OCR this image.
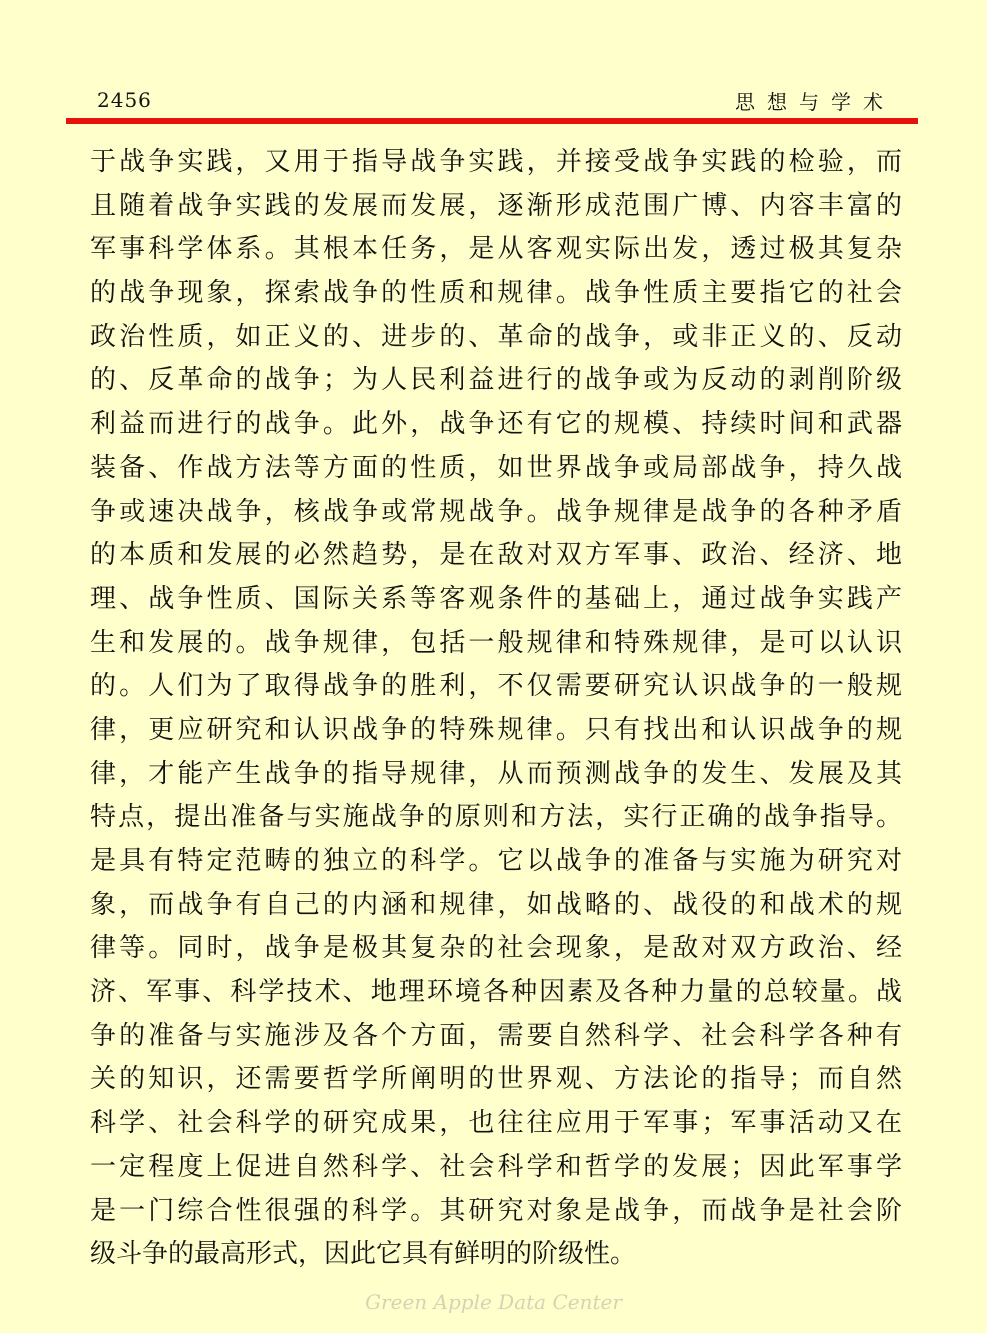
2456	思想与学术
于战争实践，又用于指导战争实践，并接受战争实践的检验，而
且随着战争实践的发展而发展，逐渐形成范围广博、内容丰富的
军事科学体系。其根本任务，是从客观实际出发，透过极其复杂
的战争现象，探索战争的性质和规律。战争性质主要指它的社会
政治性质，如正义的、进步的、革命的战争，或非正义的、反动
的、反革命的战争；为人民利益进行的战争或为反动的剥削阶级
利益而进行的战争。此外，战争还有它的规模、持续时间和武器
装备、作战方法等方面的性质，如世界战争或局部战争，持久战
争或速决战争，核战争或常规战争。战争规律是战争的各种矛盾
的本质和发展的必然趋势，是在敌对双方军事、政治、经济、地
理、战争性质、国际关系等客观条件的基础上，通过战争实践产
生和发展的。战争规律，包括一般规律和特殊规律，是可以认识
的。人们为了取得战争的胜利，不仅需要研究认识战争的一般规
律，更应研究和认识战争的特殊规律。只有找出和认识战争的规
律，才能产生战争的指导规律，从而预测战争的发生、发展及其
特点，提出准备与实施战争的原则和方法，实行正确的战争指导。
是具有特定范畴的独立的科学。它以战争的准备与实施为研究对
象，而战争有自己的内涵和规律，如战略的、战役的和战术的规
律等。同时，战争是极其复杂的社会现象，是敌对双方政治、经
济、军事、科学技术、地理环境各种因素及各种力量的总较量。战
争的准备与实施涉及各个方面，需要自然科学、社会科学各种有
关的知识，还需要哲学所阐明的世界观、方法论的指导；而自然
科学、社会科学的研究成果，也往往应用于军事；军事活动又在
一定程度上促进自然科学、社会科学和哲学的发展；因此军事学
是一门综合性很强的科学。其研究对象是战争，而战争是社会阶
级斗争的最高形式，因此它具有鲜明的阶级性。
Green Apple Data Center
